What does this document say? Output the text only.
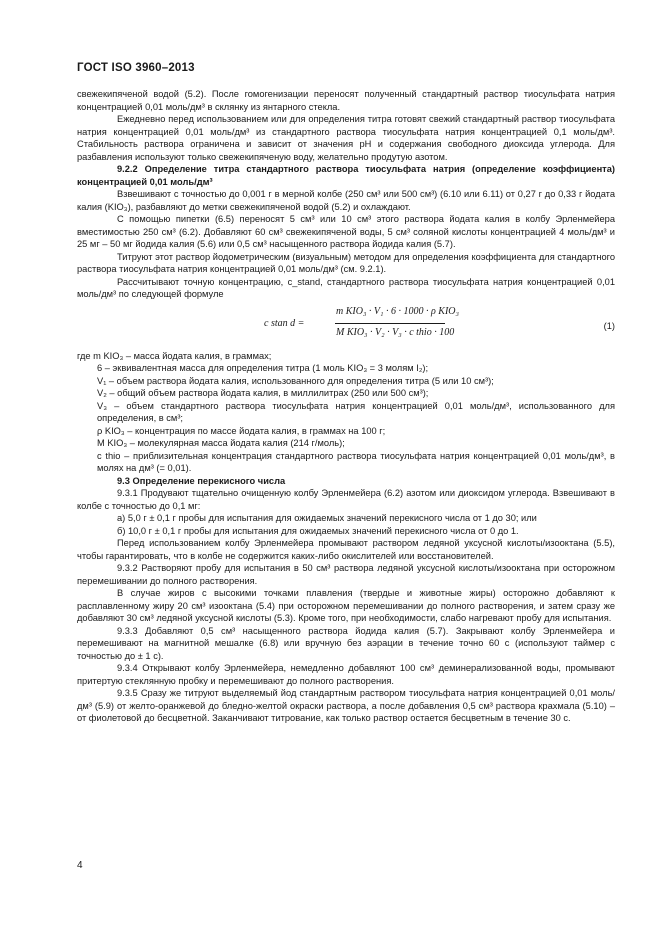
ГОСТ ISO 3960–2013

свежекипяченой водой (5.2). После гомогенизации переносят полученный стандартный раствор тиосульфата натрия концентрацией 0,01 моль/дм³ в склянку из янтарного стекла.

Ежедневно перед использованием или для определения титра готовят свежий стандартный раствор тиосульфата натрия концентрацией 0,01 моль/дм³ из стандартного раствора тиосульфата натрия концентрацией 0,1 моль/дм³. Стабильность раствора ограничена и зависит от значения pH и содержания свободного диоксида углерода. Для разбавления используют только свежекипяченую воду, желательно продутую азотом.

9.2.2 Определение титра стандартного раствора тиосульфата натрия (определение коэффициента) концентрацией 0,01 моль/дм³

Взвешивают с точностью до 0,001 г в мерной колбе (250 см³ или 500 см³) (6.10 или 6.11) от 0,27 г до 0,33 г йодата калия (KIO₃), разбавляют до метки свежекипяченой водой (5.2) и охлаждают.

С помощью пипетки (6.5) переносят 5 см³ или 10 см³ этого раствора йодата калия в колбу Эрленмейера вместимостью 250 см³ (6.2). Добавляют 60 см³ свежекипяченой воды, 5 см³ соляной кислоты концентрацией 4 моль/дм³ и 25 мг – 50 мг йодида калия (5.6) или 0,5 см³ насыщенного раствора йодида калия (5.7).

Титруют этот раствор йодометрическим (визуальным) методом для определения коэффициента для стандартного раствора тиосульфата натрия концентрацией 0,01 моль/дм³ (см. 9.2.1).

Рассчитывают точную концентрацию, c_stand, стандартного раствора тиосульфата натрия концентрацией 0,01 моль/дм³ по следующей формуле

c stan d =
m KIO₃ · V₁ · 6 · 1000 · ρ KIO₃
M KIO₃ · V₂ · V₃ · c thio · 100
(1)

где m KIO₃ – масса йодата калия, в граммах;

6 – эквивалентная масса для определения титра (1 моль KIO₃ = 3 молям I₂);

V₁ – объем раствора йодата калия, использованного для определения титра (5 или 10 см³);

V₂ – общий объем раствора йодата калия, в миллилитрах (250 или 500 см³);

V₃ – объем стандартного раствора тиосульфата натрия концентрацией 0,01 моль/дм³, использованного для определения, в см³;

ρ KIO₃ – концентрация по массе йодата калия, в граммах на 100 г;

M KIO₃ – молекулярная масса йодата калия (214 г/моль);

c thio – приблизительная концентрация стандартного раствора тиосульфата натрия концентрацией 0,01 моль/дм³, в молях на дм³ (= 0,01).

9.3 Определение перекисного числа

9.3.1 Продувают тщательно очищенную колбу Эрленмейера (6.2) азотом или диоксидом углерода. Взвешивают в колбе с точностью до 0,1 мг:

а) 5,0 г ± 0,1 г пробы для испытания для ожидаемых значений перекисного числа от 1 до 30; или

б) 10,0 г ± 0,1 г пробы для испытания для ожидаемых значений перекисного числа от 0 до 1.

Перед использованием колбу Эрленмейера промывают раствором ледяной уксусной кислоты/изооктана (5.5), чтобы гарантировать, что в колбе не содержится каких-либо окислителей или восстановителей.

9.3.2 Растворяют пробу для испытания в 50 см³ раствора ледяной уксусной кислоты/изооктана при осторожном перемешивании до полного растворения.

В случае жиров с высокими точками плавления (твердые и животные жиры) осторожно добавляют к расплавленному жиру 20 см³ изооктана (5.4) при осторожном перемешивании до полного растворения, и затем сразу же добавляют 30 см³ ледяной уксусной кислоты (5.3). Кроме того, при необходимости, слабо нагревают пробу для испытания.

9.3.3 Добавляют 0,5 см³ насыщенного раствора йодида калия (5.7). Закрывают колбу Эрленмейера и перемешивают на магнитной мешалке (6.8) или вручную без аэрации в течение точно 60 с (используют таймер с точностью до ± 1 с).

9.3.4 Открывают колбу Эрленмейера, немедленно добавляют 100 см³ деминерализованной воды, промывают притертую стеклянную пробку и перемешивают до полного растворения.

9.3.5 Сразу же титруют выделяемый йод стандартным раствором тиосульфата натрия концентрацией 0,01 моль/дм³ (5.9) от желто-оранжевой до бледно-желтой окраски раствора, а после добавления 0,5 см³ раствора крахмала (5.10) – от фиолетовой до бесцветной. Заканчивают титрование, как только раствор остается бесцветным в течение 30 с.

4
